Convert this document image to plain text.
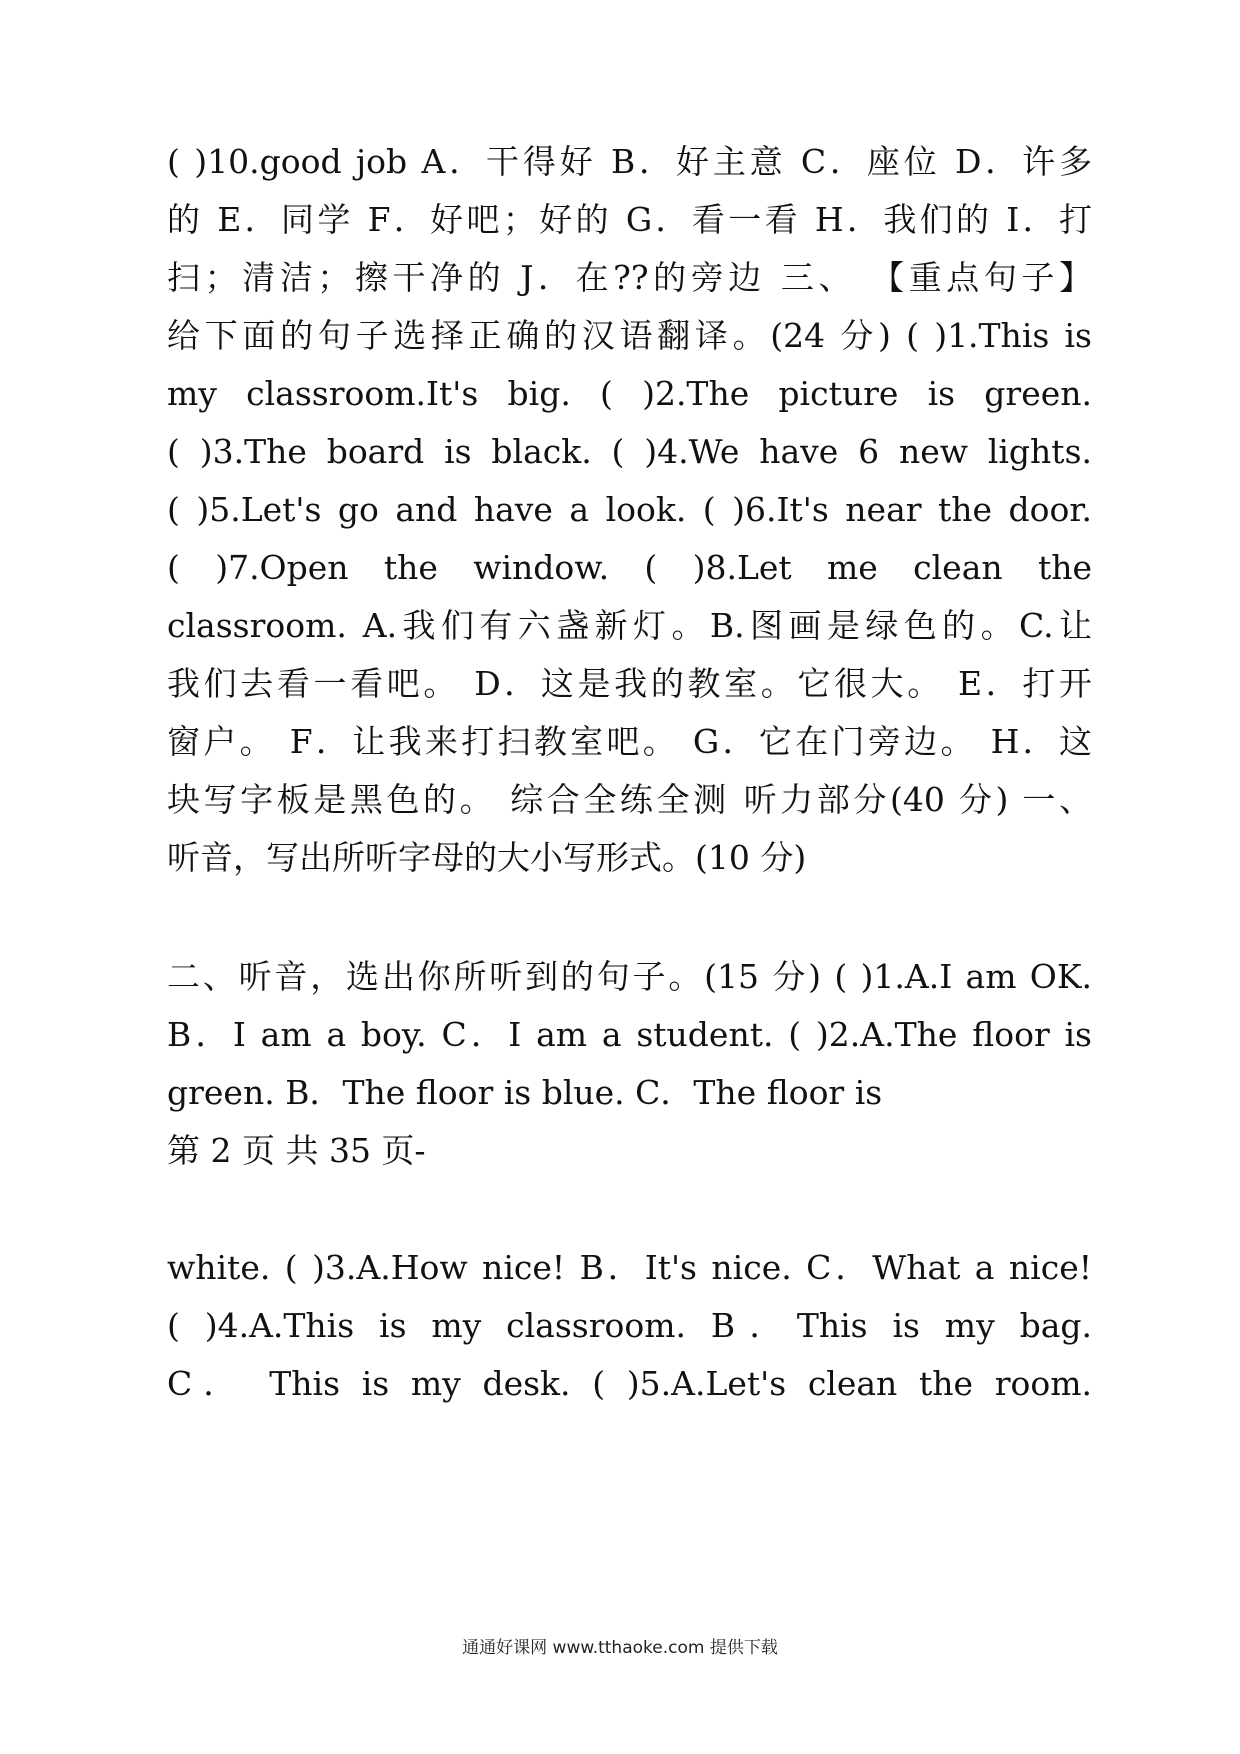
( )10.good job A．干得好 B．好主意 C．座位 D．许多
的 E．同学 F．好吧；好的 G．看一看 H．我们的 I．打
扫；清洁；擦干净的 J．在??的旁边 三、 【重点句子】
给下面的句子选择正确的汉语翻译。(24 分) ( )1.This is
my classroom.It's big. ( )2.The picture is green.
( )3.The board is black. ( )4.We have 6 new lights.
( )5.Let's go and have a look. ( )6.It's near the door.
( )7.Open the window. ( )8.Let me clean the
classroom. A.我们有六盏新灯。B.图画是绿色的。C.让
我们去看一看吧。 D．这是我的教室。它很大。 E．打开
窗户。 F．让我来打扫教室吧。 G．它在门旁边。 H．这
块写字板是黑色的。 综合全练全测 听力部分(40 分) 一、
听音，写出所听字母的大小写形式。(10 分)
二、听音，选出你所听到的句子。(15 分) ( )1.A.I am OK.
B．I am a boy. C．I am a student. ( )2.A.The floor is
green. B．The floor is blue. C．The floor is
第 2 页 共 35 页-
white. ( )3.A.How nice! B．It's nice. C．What a nice!
( )4.A.This is my classroom. B．This is my bag.
C． This is my desk. ( )5.A.Let's clean the room.
通通好课网 www.tthaoke.com 提供下载
